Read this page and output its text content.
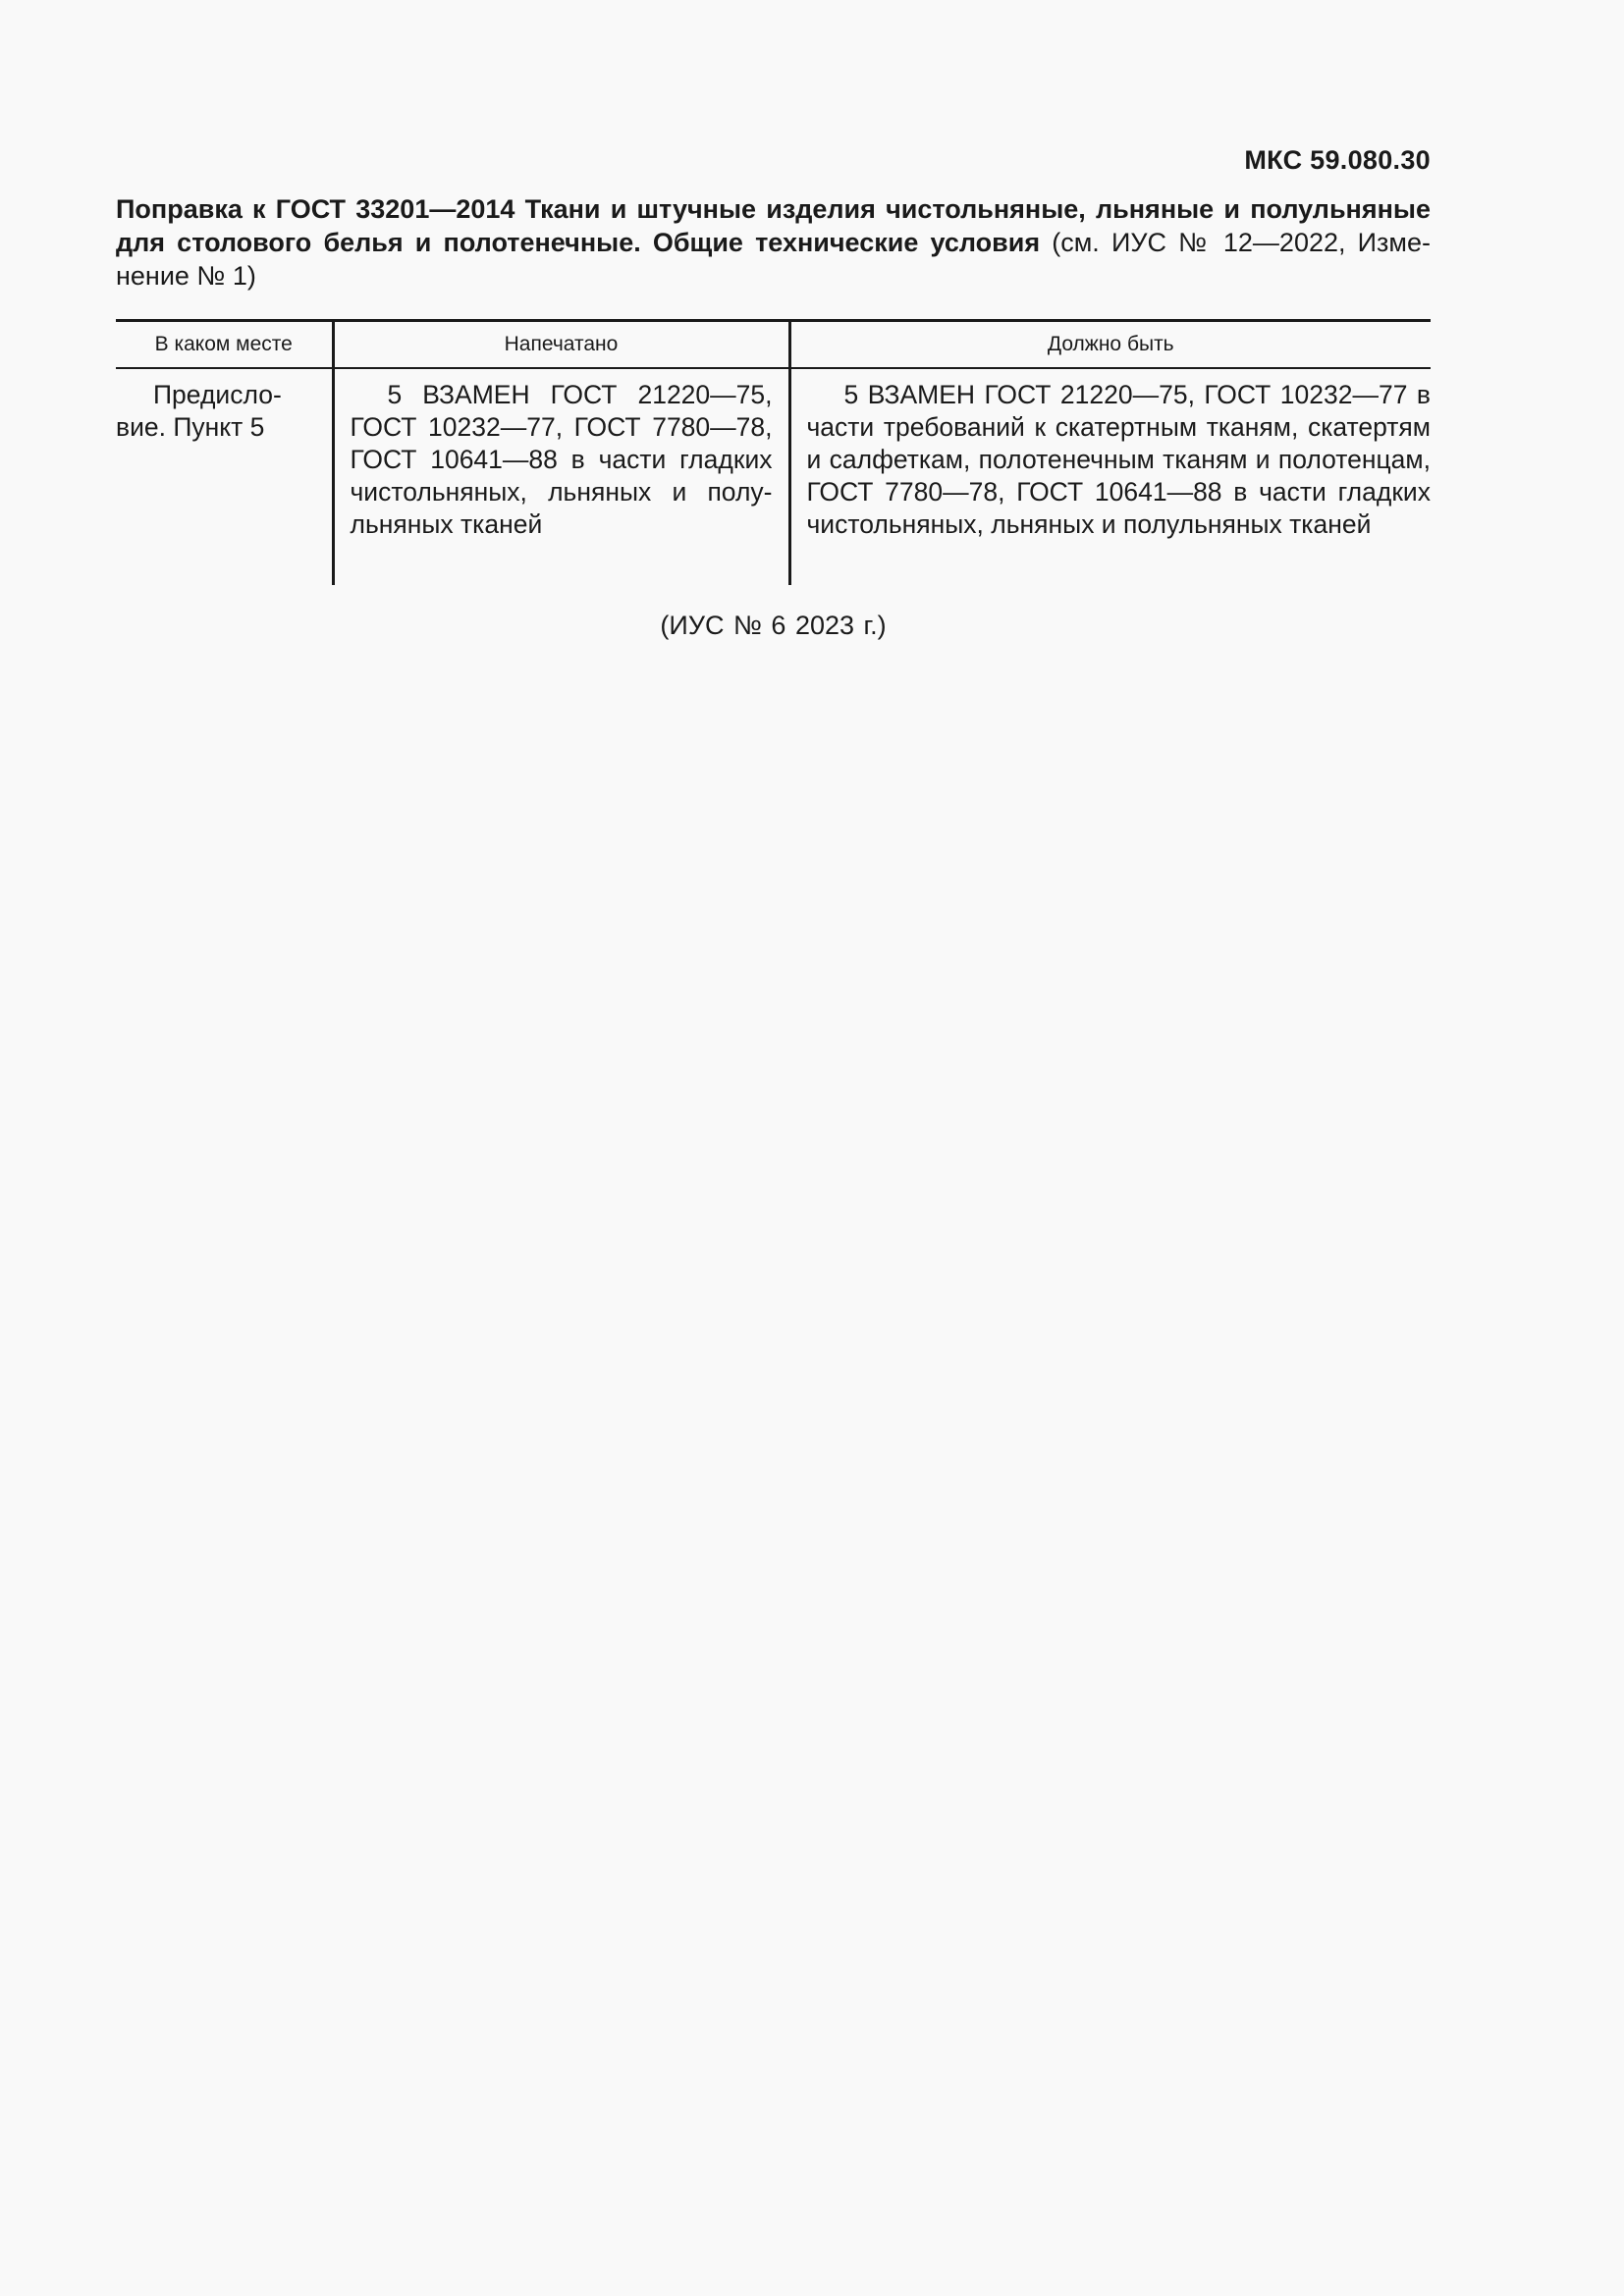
МКС 59.080.30
Поправка к ГОСТ 33201—2014 Ткани и штучные изделия чистольняные, льняные и полульняные для столового белья и полотенечные. Общие технические условия (см. ИУС № 12—2022, Изменение № 1)
В каком месте	Напечатано	Должно быть
Предисловие. Пункт 5	5 ВЗАМЕН ГОСТ 21220—75, ГОСТ 10232—77, ГОСТ 7780—78, ГОСТ 10641—88 в части гладких чистольняных, льняных и полульняных тканей	5 ВЗАМЕН ГОСТ 21220—75, ГОСТ 10232—77 в части требований к скатертным тканям, скатертям и салфеткам, полотенечным тканям и полотенцам, ГОСТ 7780—78, ГОСТ 10641—88 в части гладких чистольняных, льняных и полульняных тканей
(ИУС № 6 2023 г.)
